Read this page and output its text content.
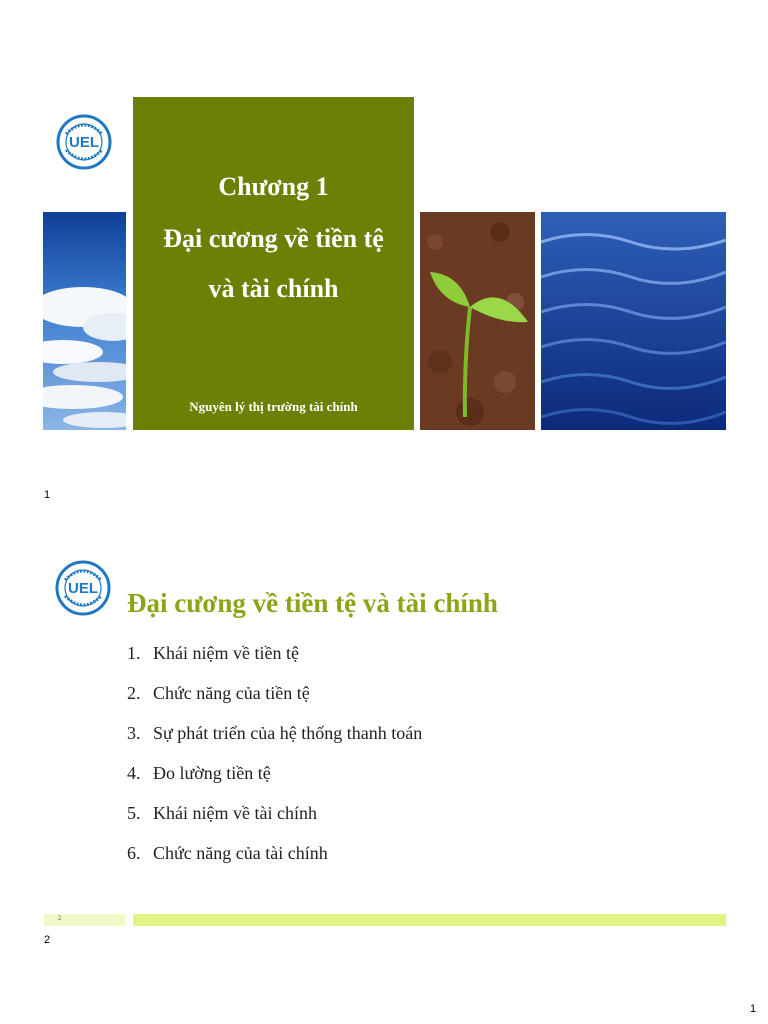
UEL
Chương 1
Đại cương về tiền tệ
và tài chính
Nguyên lý thị trường tài chính
1
UEL Đại cương về tiền tệ và tài chính
1. Khái niệm về tiền tệ
2. Chức năng của tiền tệ
3. Sự phát triển của hệ thống thanh toán
4. Đo lường tiền tệ
5. Khái niệm về tài chính
6. Chức năng của tài chính
2
2
1
